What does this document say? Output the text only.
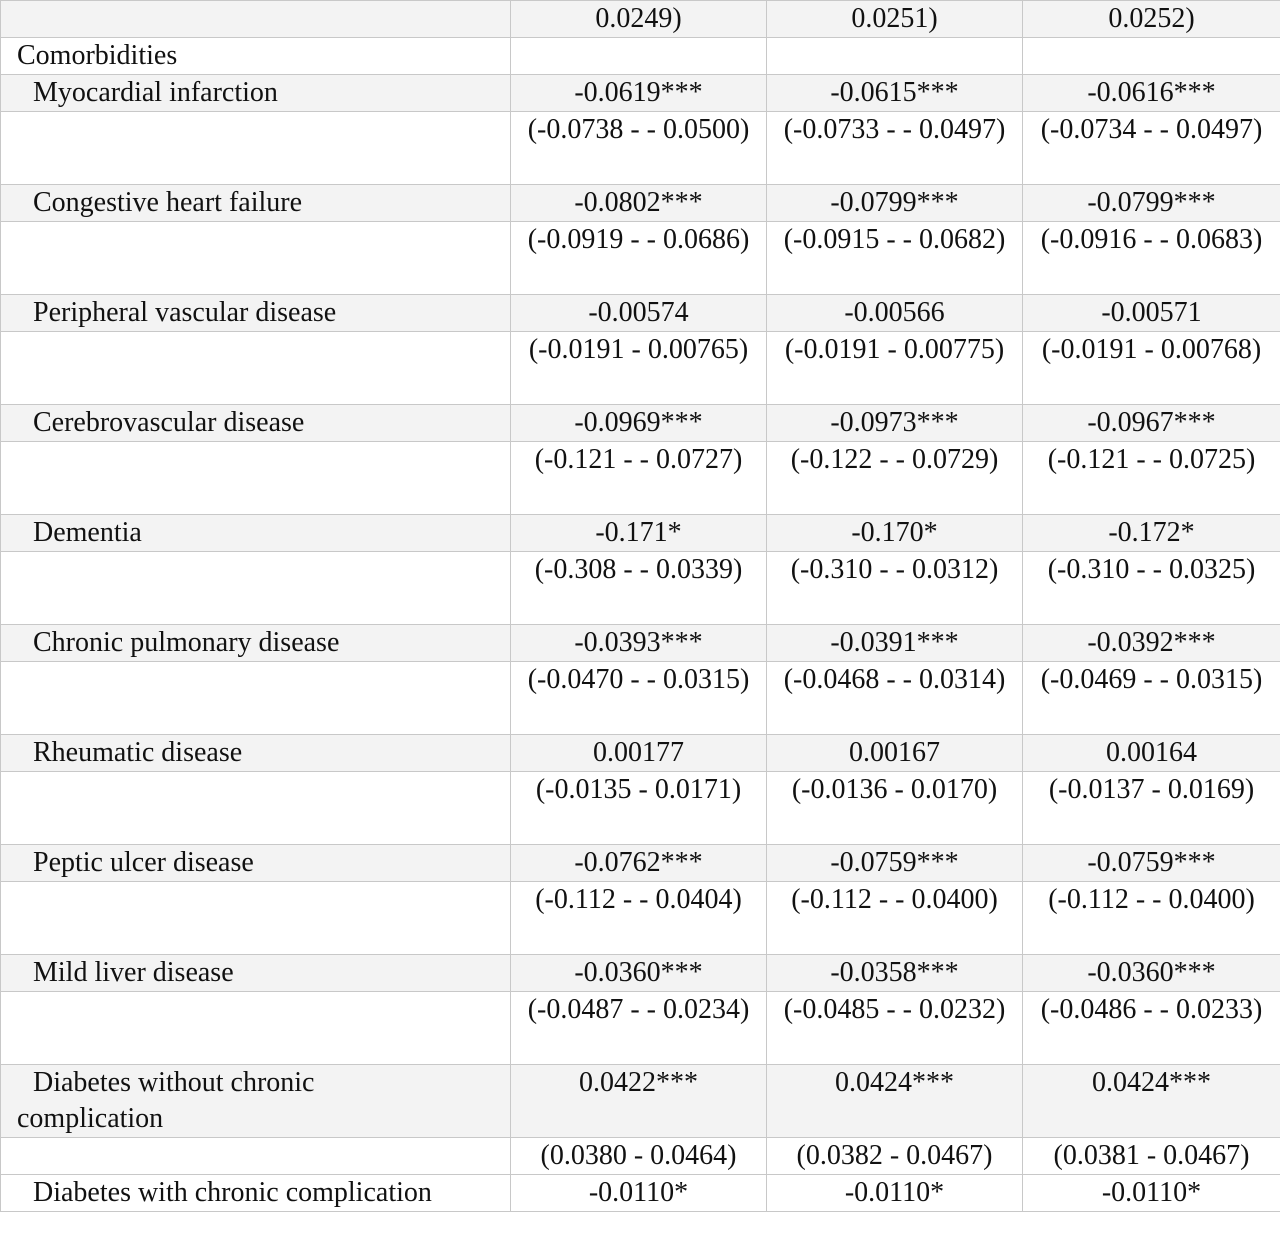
	0.0249)	0.0251)	0.0252)
Comorbidities			
Myocardial infarction	-0.0619***	-0.0615***	-0.0616***
	(-0.0738 - - 0.0500)	(-0.0733 - - 0.0497)	(-0.0734 - - 0.0497)
Congestive heart failure	-0.0802***	-0.0799***	-0.0799***
	(-0.0919 - - 0.0686)	(-0.0915 - - 0.0682)	(-0.0916 - - 0.0683)
Peripheral vascular disease	-0.00574	-0.00566	-0.00571
	(-0.0191 - 0.00765)	(-0.0191 - 0.00775)	(-0.0191 - 0.00768)
Cerebrovascular disease	-0.0969***	-0.0973***	-0.0967***
	(-0.121 - - 0.0727)	(-0.122 - - 0.0729)	(-0.121 - - 0.0725)
Dementia	-0.171*	-0.170*	-0.172*
	(-0.308 - - 0.0339)	(-0.310 - - 0.0312)	(-0.310 - - 0.0325)
Chronic pulmonary disease	-0.0393***	-0.0391***	-0.0392***
	(-0.0470 - - 0.0315)	(-0.0468 - - 0.0314)	(-0.0469 - - 0.0315)
Rheumatic disease	0.00177	0.00167	0.00164
	(-0.0135 - 0.0171)	(-0.0136 - 0.0170)	(-0.0137 - 0.0169)
Peptic ulcer disease	-0.0762***	-0.0759***	-0.0759***
	(-0.112 - - 0.0404)	(-0.112 - - 0.0400)	(-0.112 - - 0.0400)
Mild liver disease	-0.0360***	-0.0358***	-0.0360***
	(-0.0487 - - 0.0234)	(-0.0485 - - 0.0232)	(-0.0486 - - 0.0233)
Diabetes without chronic
complication	0.0422***	0.0424***	0.0424***
	(0.0380 - 0.0464)	(0.0382 - 0.0467)	(0.0381 - 0.0467)
Diabetes with chronic complication	-0.0110*	-0.0110*	-0.0110*
